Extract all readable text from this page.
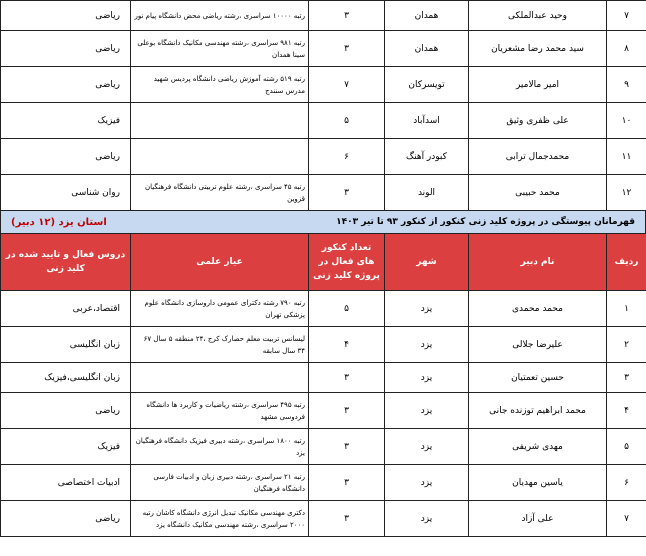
۷	وحید عبدالملکی	همدان	۳	رتبه ۱۰۰۰۰ سراسری ،رشته ریاضی محض دانشگاه پیام نور	ریاضی
۸	سید محمد رضا مشعریان	همدان	۳	رتبه ۹۸۱ سراسری ،رشته مهندسی مکانیک دانشگاه بوعلی سینا همدان	ریاضی
۹	امیر مالامیر	تویسرکان	۷	رتبه ۵۱۹ رشته آموزش ریاضی دانشگاه پردیس شهید مدرس سنندج	ریاضی
۱۰	علی ظفری وثیق	اسدآباد	۵		فیزیک
۱۱	محمدجمال ترابی	کبودر آهنگ	۶		ریاضی
۱۲	محمد حبیبی	الوند	۳	رتبه ۴۵ سراسری ،رشته علوم تربیتی دانشگاه فرهنگیان قزوین	روان شناسی
قهرمانان پیوستگی در پروژه کلید زنی کنکور از کنکور ۹۳ تا تیر ۱۴۰۳
استان یزد (۱۲ دبیر)
ردیف	نام دبیر	شهر	تعداد کنکور های فعال در پروژه کلید زنی	عیار علمی	دروس فعال و تایید شده در کلید زنی
۱	محمد محمدی	یزد	۵	رتبه ۷۹۰ رشته دکترای عمومی داروسازی دانشگاه علوم پزشکی تهران	اقتصاد،عربی
۲	علیرضا جلالی	یزد	۴	لیسانس تربیت معلم حصارک کرج ،۲۴ منطقه ۵ سال ۶۷ ۳۴ سال سابقه	زبان انگلیسی
۳	حسین تعمتیان	یزد	۳		زبان انگلیسی،فیزیک
۴	محمد ابراهیم توزنده جانی	یزد	۳	رتبه ۴۹۵ سراسری ،رشته ریاضیات و کاربرد ها دانشگاه فردوسی مشهد	ریاضی
۵	مهدی شریفی	یزد	۳	رتبه ۱۸۰۰ سراسری ،رشته دبیری فیزیک دانشگاه فرهنگیان یزد	فیزیک
۶	یاسین مهدیان	یزد	۳	رتبه ۲۱ سراسری ،رشته دبیری زبان و ادبیات فارسی دانشگاه فرهنگیان	ادبیات اختصاصی
۷	علی آزاد	یزد	۳	دکتری مهندسی مکانیک تبدیل انرژی دانشگاه کاشان رتبه ۲۰۰۰ سراسری ،رشته مهندسی مکانیک دانشگاه یزد	ریاضی
